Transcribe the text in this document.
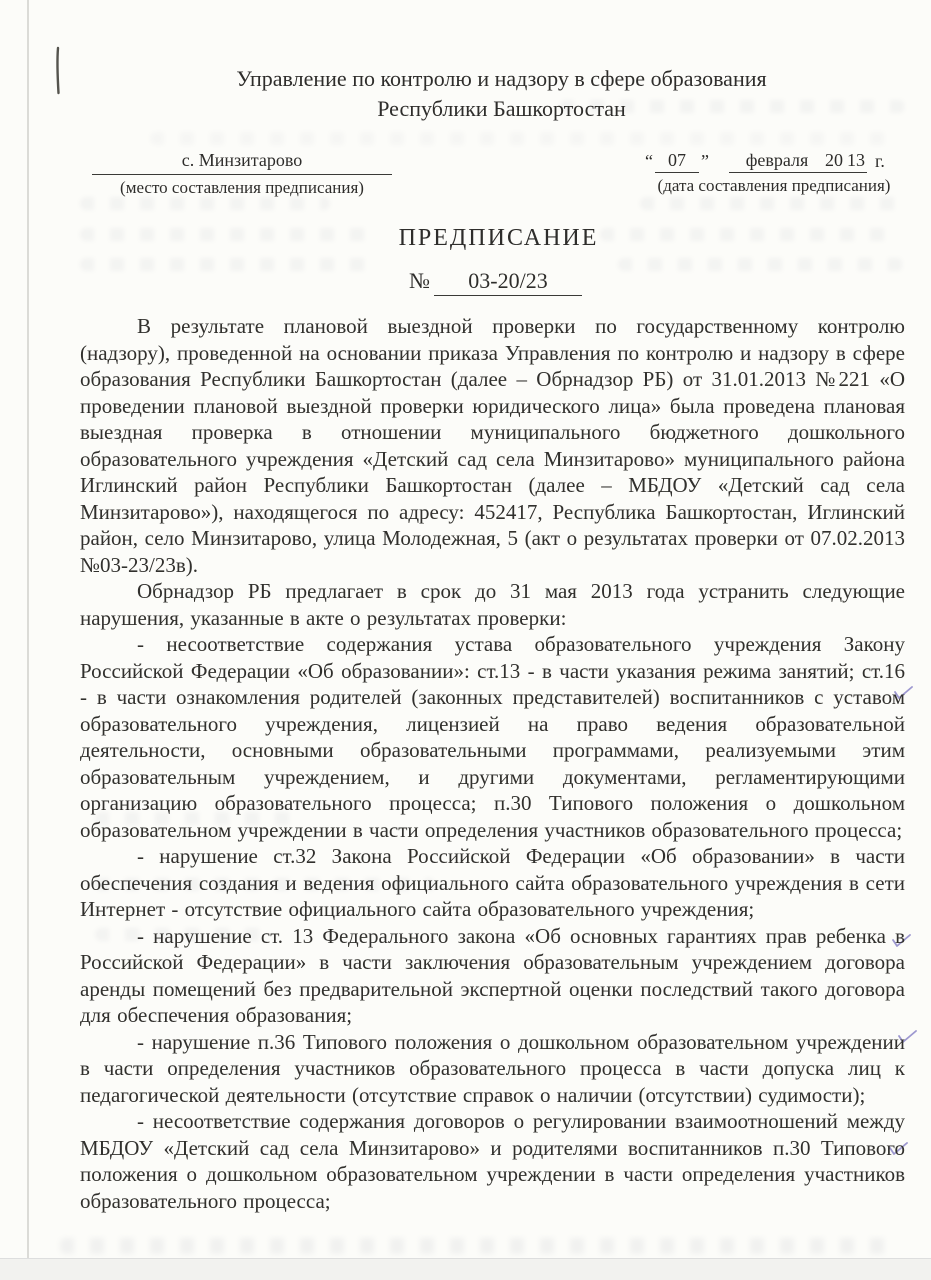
Управление по контролю и надзору в сфере образования
Республики Башкортостан
с. Минзитарово
(место составления предписания)
“ 07 ”	февраля 20 13 г.
(дата составления предписания)
ПРЕДПИСАНИЕ
№ 03-20/23

В результате плановой выездной проверки по государственному контролю (надзору), проведенной на основании приказа Управления по контролю и надзору в сфере образования Республики Башкортостан (далее – Обрнадзор РБ) от 31.01.2013 №221 «О проведении плановой выездной проверки юридического лица» была проведена плановая выездная проверка в отношении муниципального бюджетного дошкольного образовательного учреждения «Детский сад села Минзитарово» муниципального района Иглинский район Республики Башкортостан (далее – МБДОУ «Детский сад села Минзитарово»), находящегося по адресу: 452417, Республика Башкортостан, Иглинский район, село Минзитарово, улица Молодежная, 5 (акт о результатах проверки от 07.02.2013 №03-23/23в).

Обрнадзор РБ предлагает в срок до 31 мая 2013 года устранить следующие нарушения, указанные в акте о результатах проверки:

- несоответствие содержания устава образовательного учреждения Закону Российской Федерации «Об образовании»: ст.13 - в части указания режима занятий; ст.16 - в части ознакомления родителей (законных представителей) воспитанников с уставом образовательного учреждения, лицензией на право ведения образовательной деятельности, основными образовательными программами, реализуемыми этим образовательным учреждением, и другими документами, регламентирующими организацию образовательного процесса; п.30 Типового положения о дошкольном образовательном учреждении в части определения участников образовательного процесса;

- нарушение ст.32 Закона Российской Федерации «Об образовании» в части обеспечения создания и ведения официального сайта образовательного учреждения в сети Интернет - отсутствие официального сайта образовательного учреждения;

- нарушение ст. 13 Федерального закона «Об основных гарантиях прав ребенка в Российской Федерации» в части заключения образовательным учреждением договора аренды помещений без предварительной экспертной оценки последствий такого договора для обеспечения образования;

- нарушение п.36 Типового положения о дошкольном образовательном учреждении в части определения участников образовательного процесса в части допуска лиц к педагогической деятельности (отсутствие справок о наличии (отсутствии) судимости);

- несоответствие содержания договоров о регулировании взаимоотношений между МБДОУ «Детский сад села Минзитарово» и родителями воспитанников п.30 Типового положения о дошкольном образовательном учреждении в части определения участников образовательного процесса;
